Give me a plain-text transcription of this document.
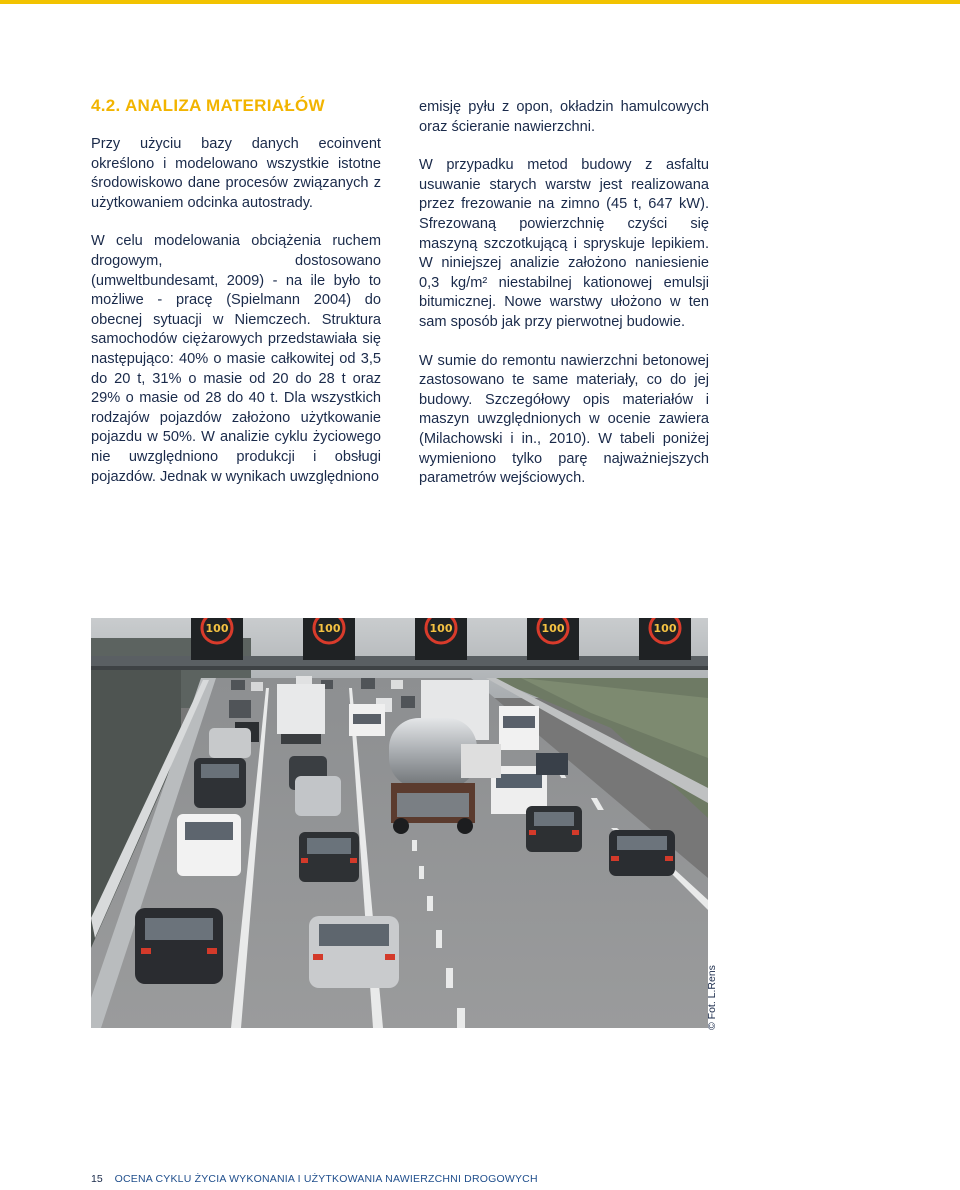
4.2. ANALIZA MATERIAŁÓW

Przy użyciu bazy danych ecoinvent określono i modelowano wszystkie istotne środowiskowo dane procesów związanych z użytkowaniem odcinka autostrady.

W celu modelowania obciążenia ruchem drogowym, dostosowano (umweltbundesamt, 2009) - na ile było to możliwe - pracę (Spielmann 2004) do obecnej sytuacji w Niemczech. Struktura samochodów ciężarowych przedstawiała się następująco: 40% o masie całkowitej od 3,5 do 20 t, 31% o masie od 20 do 28 t oraz 29% o masie od 28 do 40 t. Dla wszystkich rodzajów pojazdów założono użytkowanie pojazdu w 50%. W analizie cyklu życiowego nie uwzględniono produkcji i obsługi pojazdów. Jednak w wynikach uwzględniono

emisję pyłu z opon, okładzin hamulcowych oraz ścieranie nawierzchni.

W przypadku metod budowy z asfaltu usuwanie starych warstw jest realizowana przez frezowanie na zimno (45 t, 647 kW). Sfrezowaną powierzchnię czyści się maszyną szczotkującą i spryskuje lepikiem. W niniejszej analizie założono naniesienie 0,3 kg/m² niestabilnej kationowej emulsji bitumicznej. Nowe warstwy ułożono w ten sam sposób jak przy pierwotnej budowie.

W sumie do remontu nawierzchni betonowej zastosowano te same materiały, co do jej budowy. Szczegółowy opis materiałów i maszyn uwzględnionych w ocenie zawiera (Milachowski i in., 2010). W tabeli poniżej wymieniono tylko parę najważniejszych parametrów wejściowych.

100	100	100	100	100
© Fot. L.Rens
15 OCENA CYKLU ŻYCIA WYKONANIA I UŻYTKOWANIA NAWIERZCHNI DROGOWYCH
